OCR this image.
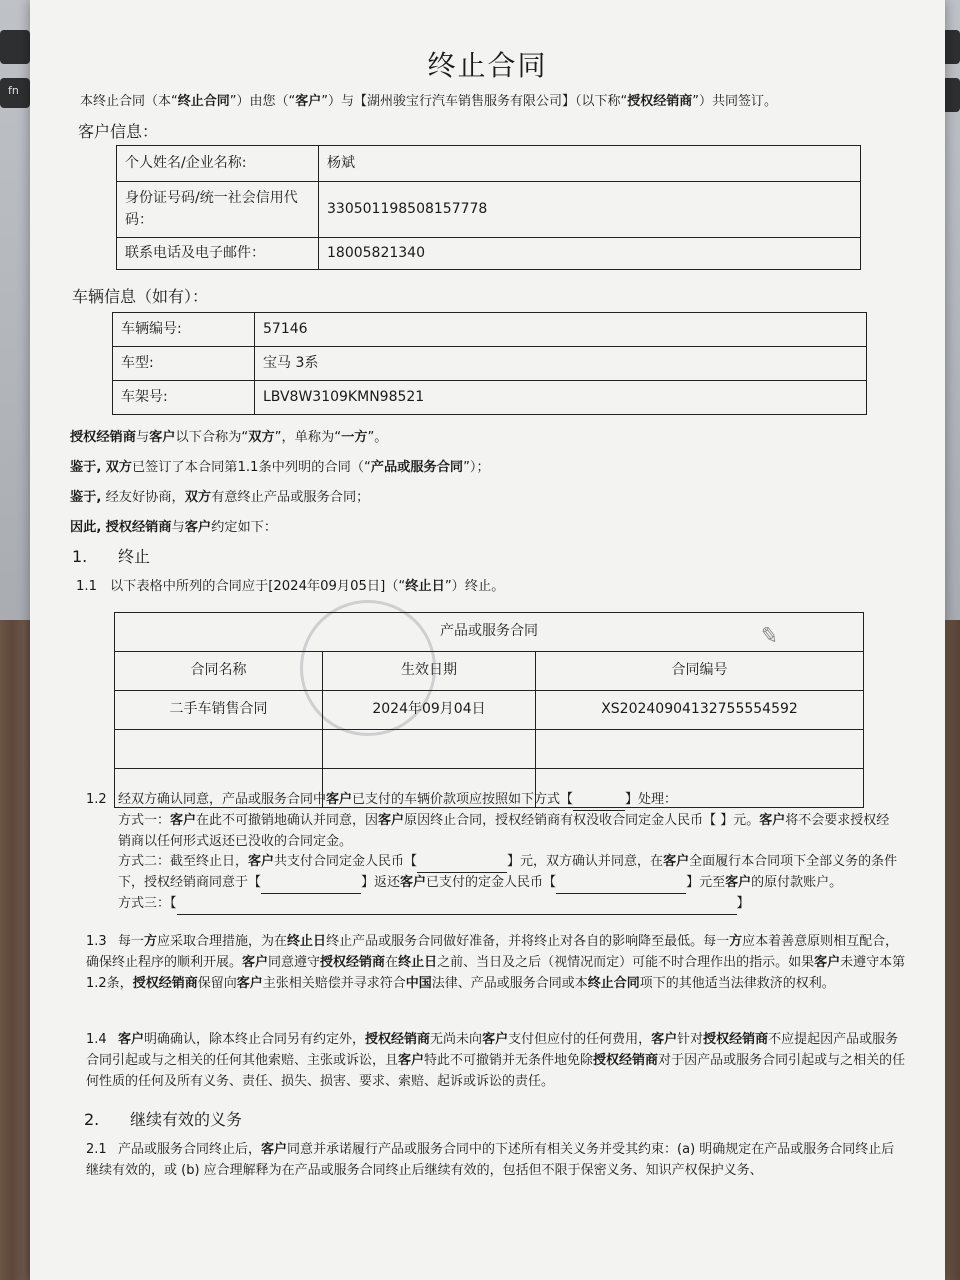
fn
终止合同
本终止合同（本“终止合同”）由您（“客户”）与【湖州骏宝行汽车销售服务有限公司】（以下称“授权经销商”）共同签订。
客户信息：
个人姓名/企业名称:	杨斌
身份证号码/统一社会信用代码：	330501198508157778
联系电话及电子邮件：	18005821340
车辆信息（如有）：
车辆编号:	57146
车型:	宝马 3系
车架号:	LBV8W3109KMN98521
授权经销商与客户以下合称为“双方”，单称为“一方”。
鉴于, 双方已签订了本合同第1.1条中列明的合同（“产品或服务合同”）；
鉴于, 经友好协商，双方有意终止产品或服务合同；
因此, 授权经销商与客户约定如下：
1. 终止
1.1 以下表格中所列的合同应于[2024年09月05日]（“终止日”）终止。
✎
产品或服务合同		
合同名称	生效日期	合同编号
二手车销售合同	2024年09月04日	XS20240904132755554592

1.2 经双方确认同意，产品或服务合同中客户已支付的车辆价款项应按照如下方式【	】处理：
方式一：客户在此不可撤销地确认并同意，因客户原因终止合同，授权经销商有权没收合同定金人民币【 】元。客户将不会要求授权经销商以任何形式返还已没收的合同定金。
方式二：截至终止日，客户共支付合同定金人民币【	】元，双方确认并同意，在客户全面履行本合同项下全部义务的条件下，授权经销商同意于【	】返还客户已支付的定金人民币【	】元至客户的原付款账户。
方式三：【	】
1.3 每一方应采取合理措施，为在终止日终止产品或服务合同做好准备，并将终止对各自的影响降至最低。每一方应本着善意原则相互配合，确保终止程序的顺利开展。客户同意遵守授权经销商在终止日之前、当日及之后（视情况而定）可能不时合理作出的指示。如果客户未遵守本第1.2条，授权经销商保留向客户主张相关赔偿并寻求符合中国法律、产品或服务合同或本终止合同项下的其他适当法律救济的权利。
1.4 客户明确确认，除本终止合同另有约定外，授权经销商无尚未向客户支付但应付的任何费用，客户针对授权经销商不应提起因产品或服务合同引起或与之相关的任何其他索赔、主张或诉讼，且客户特此不可撤销并无条件地免除授权经销商对于因产品或服务合同引起或与之相关的任何性质的任何及所有义务、责任、损失、损害、要求、索赔、起诉或诉讼的责任。
2. 继续有效的义务
2.1 产品或服务合同终止后，客户同意并承诺履行产品或服务合同中的下述所有相关义务并受其约束：(a) 明确规定在产品或服务合同终止后继续有效的，或 (b) 应合理解释为在产品或服务合同终止后继续有效的，包括但不限于保密义务、知识产权保护义务、
